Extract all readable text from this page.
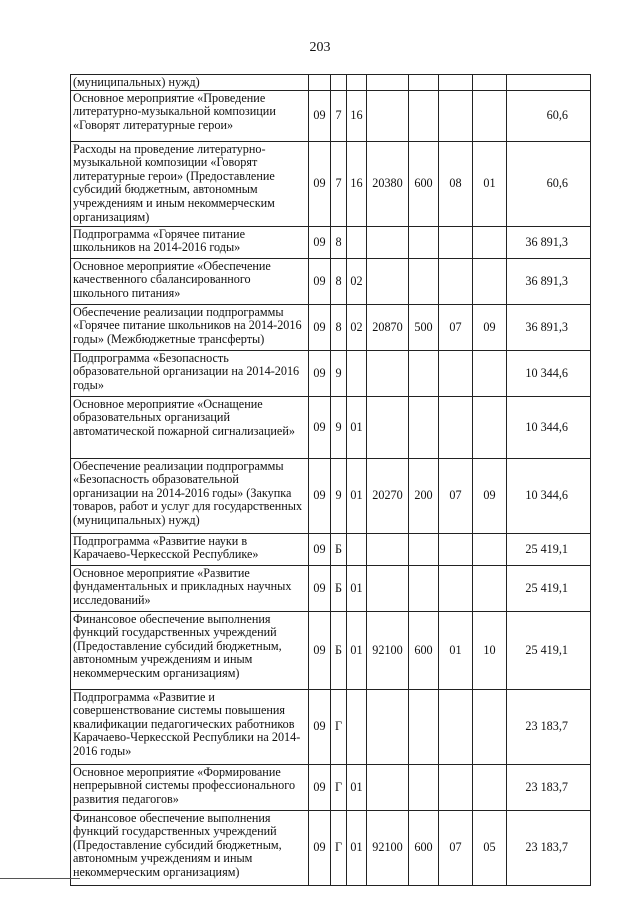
203
(муниципальных) нужд)								
Основное мероприятие «Проведение литературно-музыкальной композиции «Говорят литературные герои»	09	7	16					60,6
Расходы на проведение литературно-музыкальной композиции «Говорят литературные герои» (Предоставление субсидий бюджетным, автономным учреждениям и иным некоммерческим организациям)	09	7	16	20380	600	08	01	60,6
Подпрограмма «Горячее питание школьников на 2014-2016 годы»	09	8						36 891,3
Основное мероприятие «Обеспечение качественного сбалансированного школьного питания»	09	8	02					36 891,3
Обеспечение реализации подпрограммы «Горячее питание школьников на 2014-2016 годы» (Межбюджетные трансферты)	09	8	02	20870	500	07	09	36 891,3
Подпрограмма «Безопасность образовательной организации на 2014-2016 годы»	09	9						10 344,6
Основное мероприятие «Оснащение образовательных организаций автоматической пожарной сигнализацией»	09	9	01					10 344,6
Обеспечение реализации подпрограммы «Безопасность образовательной организации на 2014-2016 годы» (Закупка товаров, работ и услуг для государственных (муниципальных) нужд)	09	9	01	20270	200	07	09	10 344,6
Подпрограмма «Развитие науки в Карачаево-Черкесской Республике»	09	Б						25 419,1
Основное мероприятие «Развитие фундаментальных и прикладных научных исследований»	09	Б	01					25 419,1
Финансовое обеспечение выполнения функций государственных учреждений (Предоставление субсидий бюджетным, автономным учреждениям и иным некоммерческим организациям)	09	Б	01	92100	600	01	10	25 419,1
Подпрограмма «Развитие и совершенствование системы повышения квалификации педагогических работников Карачаево-Черкесской Республики на 2014-2016 годы»	09	Г						23 183,7
Основное мероприятие «Формирование непрерывной системы профессионального развития педагогов»	09	Г	01					23 183,7
Финансовое обеспечение выполнения функций государственных учреждений (Предоставление субсидий бюджетным, автономным учреждениям и иным некоммерческим организациям)	09	Г	01	92100	600	07	05	23 183,7
